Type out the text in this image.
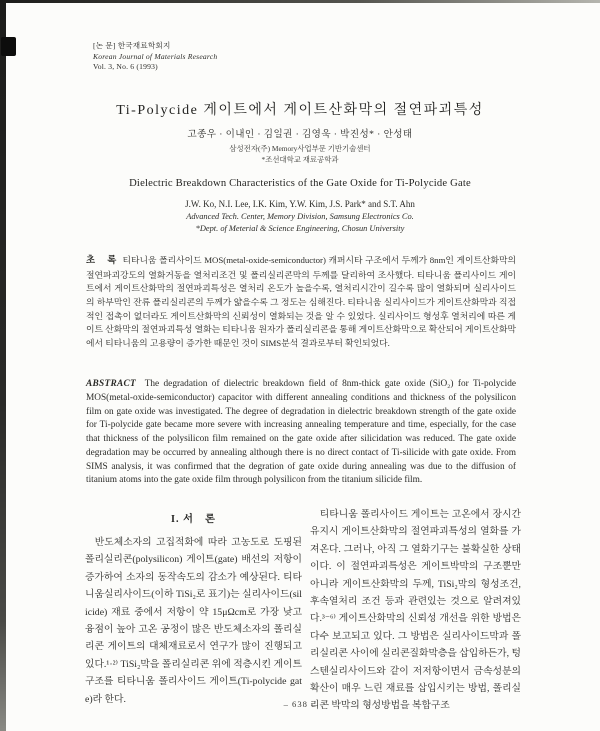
[논 문] 한국재료학회지
Korean Journal of Materials Research
Vol. 3, No. 6 (1993)
Ti-Polycide 게이트에서 게이트산화막의 절연파괴특성
고종우 · 이내인 · 김일권 · 김영욱 · 박진성* · 안성태
삼성전자(주) Memory사업부문 기반기술센터
*조선대학교 재료공학과
Dielectric Breakdown Characteristics of the Gate Oxide for Ti-Polycide Gate
J.W. Ko, N.I. Lee, I.K. Kim, Y.W. Kim, J.S. Park* and S.T. Ahn
Advanced Tech. Center, Memory Division, Samsung Electronics Co.
*Dept. of Meterial & Science Engineering, Chosun University

초　록 티타니움 폴리사이드 MOS(metal-oxide-semiconductor) 캐퍼시타 구조에서 두께가 8nm인 게이트산화막의 절연파괴강도의 열화거동을 열처리조건 및 폴리실리콘막의 두께를 달리하여 조사했다. 티타니움 폴리사이드 게이트에서 게이트산화막의 절연파괴특성은 열처리 온도가 높을수록, 열처리시간이 길수록 많이 열화되며 실리사이드의 하부막인 잔류 폴리실리콘의 두께가 얇을수록 그 정도는 심해진다. 티타니움 실리사이드가 게이트산화막과 직접적인 접촉이 없더라도 게이트산화막의 신뢰성이 열화되는 것을 알 수 있었다. 실리사이드 형성후 열처리에 따른 게이트 산화막의 절연파괴특성 열화는 티타니움 원자가 폴리실리콘을 통해 게이트산화막으로 확산되어 게이트산화막에서 티타니움의 고용량이 증가한 때문인 것이 SIMS분석 결과로부터 확인되었다.

ABSTRACT The degradation of dielectric breakdown field of 8nm-thick gate oxide (SiO₂) for Ti-polycide MOS(metal-oxide-semiconductor) capacitor with different annealing conditions and thickness of the polysilicon film on gate oxide was investigated. The degree of degradation in dielectric breakdown strength of the gate oxide for Ti-polycide gate became more severe with increasing annealing temperature and time, especially, for the case that thickness of the polysilicon film remained on the gate oxide after silicidation was reduced. The gate oxide degradation may be occurred by annealing although there is no direct contact of Ti-silicide with gate oxide. From SIMS analysis, it was confirmed that the degration of gate oxide during annealing was due to the diffusion of titanium atoms into the gate oxide film through polysilicon from the titanium silicide film.

I. 서　론

반도체소자의 고집적화에 따라 고농도로 도핑된 폴리실리콘(polysilicon) 게이트(gate) 배선의 저항이 증가하여 소자의 동작속도의 감소가 예상된다. 티타니움실리사이드(이하 TiSi₂로 표기)는 실리사이드(silicide) 재료 중에서 저항이 약 15μΩcm로 가장 낮고 융점이 높아 고온 공정이 많은 반도체소자의 폴리실리콘 게이트의 대체재료로서 연구가 많이 진행되고 있다.¹·²⁾ TiSi₂막을 폴리실리콘 위에 적층시킨 게이트 구조를 티타니움 폴리사이드 게이트(Ti-polycide gate)라 한다.

티타니움 폴리사이드 게이트는 고온에서 장시간 유지시 게이트산화막의 절연파괴특성의 열화를 가져온다. 그러나, 아직 그 열화기구는 불확실한 상태이다. 이 절연파괴특성은 게이트박막의 구조뿐만 아니라 게이트산화막의 두께, TiSi₂막의 형성조건, 후속열처리 조건 등과 관련있는 것으로 알려져있다.³⁻⁶⁾ 게이트산화막의 신뢰성 개선을 위한 방법은 다수 보고되고 있다. 그 방법은 실리사이드막과 폴리실리콘 사이에 실리콘질화막층을 삽입하든가, 텅스텐실리사이드와 같이 저저항이면서 금속성분의 확산이 매우 느린 재료를 삽입시키는 방법, 폴리실리콘 박막의 형성방법을 복합구조

– 638 –
